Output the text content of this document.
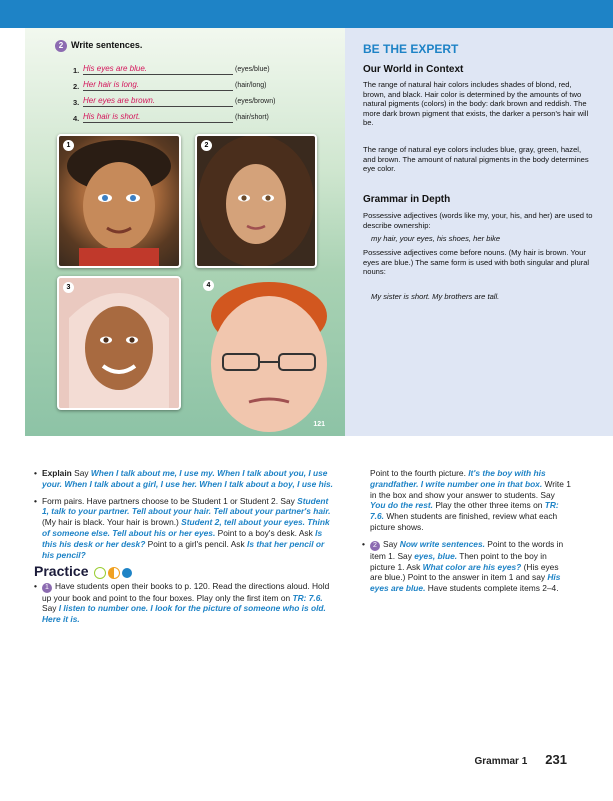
2 Write sentences.
1. His eyes are blue.	(eyes/blue)
2. Her hair is long.	(hair/long)
3. Her eyes are brown.	(eyes/brown)
4. His hair is short.	(hair/short)
1	2
3	4
121
BE THE EXPERT
Our World in Context
The range of natural hair colors includes shades of blond, red, brown, and black. Hair color is determined by the amounts of two natural pigments (colors) in the body: dark brown and reddish. The more dark brown pigment that exists, the darker a person's hair will be.
The range of natural eye colors includes blue, gray, green, hazel, and brown. The amount of natural pigments in the body determines eye color.
Grammar in Depth
Possessive adjectives (words like my, your, his, and her) are used to describe ownership:
my hair, your eyes, his shoes, her bike
Possessive adjectives come before nouns. (My hair is brown. Your eyes are blue.) The same form is used with both singular and plural nouns:
My sister is short. My brothers are tall.
• Explain Say When I talk about me, I use my. When I talk about you, I use your. When I talk about a girl, I use her. When I talk about a boy, I use his.
• Form pairs. Have partners choose to be Student 1 or Student 2. Say Student 1, talk to your partner. Tell about your hair. Tell about your partner's hair. (My hair is black. Your hair is brown.) Student 2, tell about your eyes. Think of someone else. Tell about his or her eyes. Point to a boy's desk. Ask Is this his desk or her desk? Point to a girl's pencil. Ask Is that her pencil or his pencil?
Practice
• 1 Have students open their books to p. 120. Read the directions aloud. Hold up your book and point to the four boxes. Play only the first item on TR: 7.6. Say I listen to number one. I look for the picture of someone who is old. Here it is.
Point to the fourth picture. It's the boy with his grandfather. I write number one in that box. Write 1 in the box and show your answer to students. Say You do the rest. Play the other three items on TR: 7.6. When students are finished, review what each picture shows.
• 2 Say Now write sentences. Point to the words in item 1. Say eyes, blue. Then point to the boy in picture 1. Ask What color are his eyes? (His eyes are blue.) Point to the answer in item 1 and say His eyes are blue. Have students complete items 2–4.
Grammar 1 231
